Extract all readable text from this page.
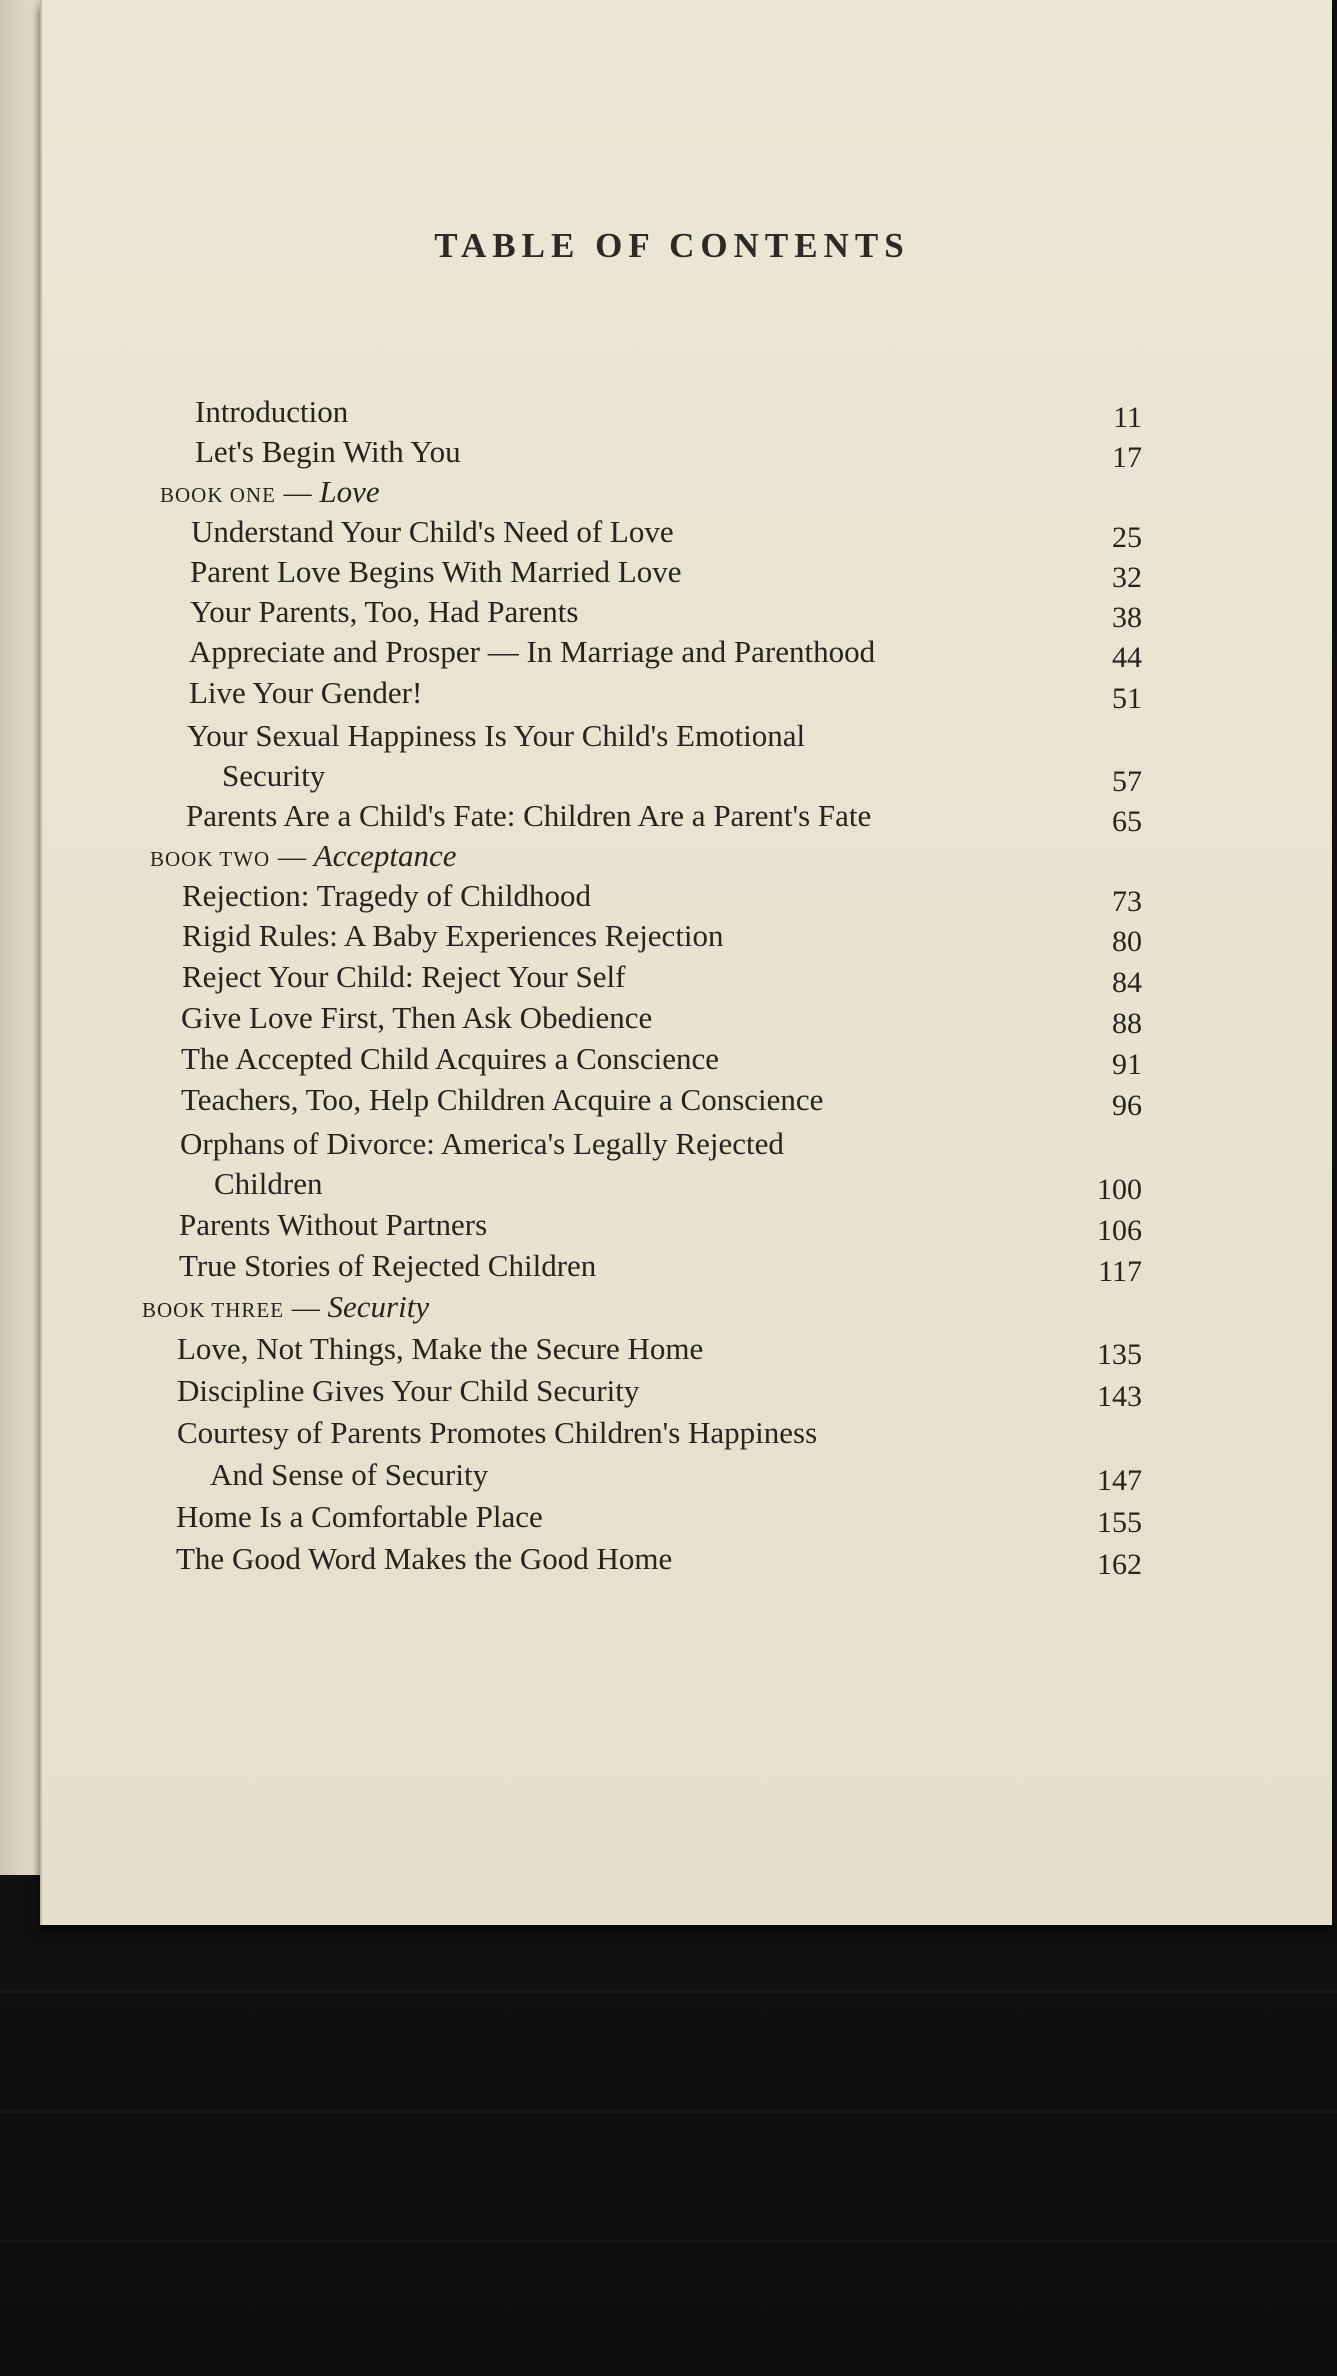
TABLE OF CONTENTS
Introduction	11
Let's Begin With You	17
BOOK ONE — Love
Understand Your Child's Need of Love	25
Parent Love Begins With Married Love	32
Your Parents, Too, Had Parents	38
Appreciate and Prosper — In Marriage and Parenthood	44
Live Your Gender!	51
Your Sexual Happiness Is Your Child's Emotional
Security	57
Parents Are a Child's Fate: Children Are a Parent's Fate	65
BOOK TWO — Acceptance
Rejection: Tragedy of Childhood	73
Rigid Rules: A Baby Experiences Rejection	80
Reject Your Child: Reject Your Self	84
Give Love First, Then Ask Obedience	88
The Accepted Child Acquires a Conscience	91
Teachers, Too, Help Children Acquire a Conscience	96
Orphans of Divorce: America's Legally Rejected
Children	100
Parents Without Partners	106
True Stories of Rejected Children	117
BOOK THREE — Security
Love, Not Things, Make the Secure Home	135
Discipline Gives Your Child Security	143
Courtesy of Parents Promotes Children's Happiness
And Sense of Security	147
Home Is a Comfortable Place	155
The Good Word Makes the Good Home	162
